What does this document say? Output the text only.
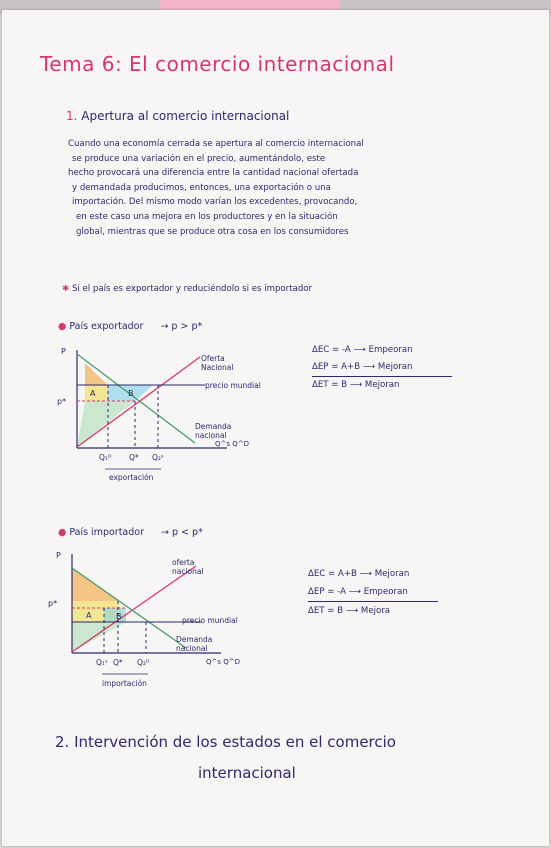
Tema 6: El comercio internacional
1. Apertura al comercio internacional
Cuando una economía cerrada se apertura al comercio internacional
se produce una variación en el precio, aumentándolo, este
hecho provocará una diferencia entre la cantidad nacional ofertada
y demandada producimos, entonces, una exportación o una
importación. Del mismo modo varían los excedentes, provocando,
en este caso una mejora en los productores y en la situación
global, mientras que se produce otra cosa en los consumidores
✱ Si el país es exportador y reduciéndolo si es importador
● País exportador → p > p*
P
p*
A	B
Oferta
Nacional
precio mundial
Demanda
nacional
Q^s Q^D
Q₁ᴰ Q* Q₂ˢ
exportación
ΔEC = -A ⟶ Empeoran
ΔEP = A+B ⟶ Mejoran
ΔET = B ⟶ Mejoran
● País importador → p < p*
P
p*
A	B
oferta
nacional
precio mundial
Demanda
nacional
Q^s Q^D
Q₁ˢ Q* Q₂ᴰ
importación
ΔEC = A+B ⟶ Mejoran
ΔEP = -A ⟶ Empeoran
ΔET = B ⟶ Mejora
2. Intervención de los estados en el comercio
internacional
